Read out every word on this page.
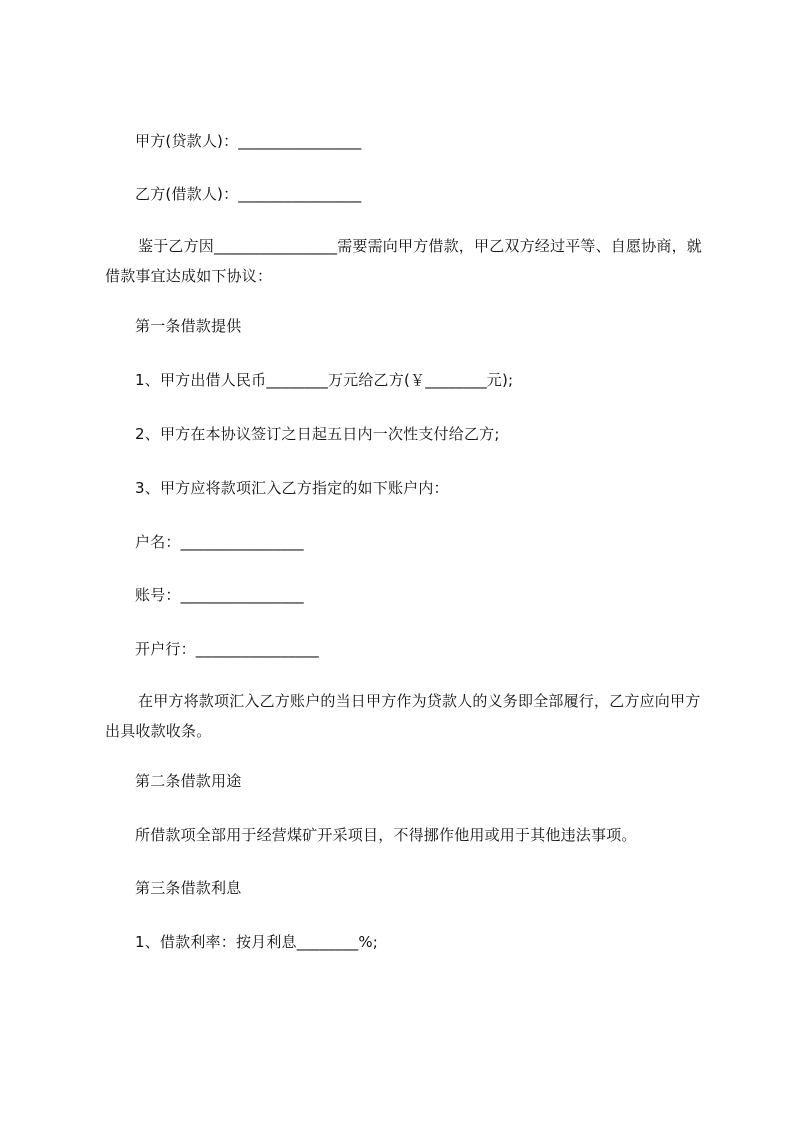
甲方(贷款人)：________________
乙方(借款人)：________________
鉴于乙方因________________需要需向甲方借款，甲乙双方经过平等、自愿协商，就借款事宜达成如下协议：
第一条借款提供
1、甲方出借人民币________万元给乙方(￥________元);
2、甲方在本协议签订之日起五日内一次性支付给乙方;
3、甲方应将款项汇入乙方指定的如下账户内：
户名：________________
账号：________________
开户行：________________
在甲方将款项汇入乙方账户的当日甲方作为贷款人的义务即全部履行，乙方应向甲方出具收款收条。
第二条借款用途
所借款项全部用于经营煤矿开采项目，不得挪作他用或用于其他违法事项。
第三条借款利息
1、借款利率：按月利息________%;
